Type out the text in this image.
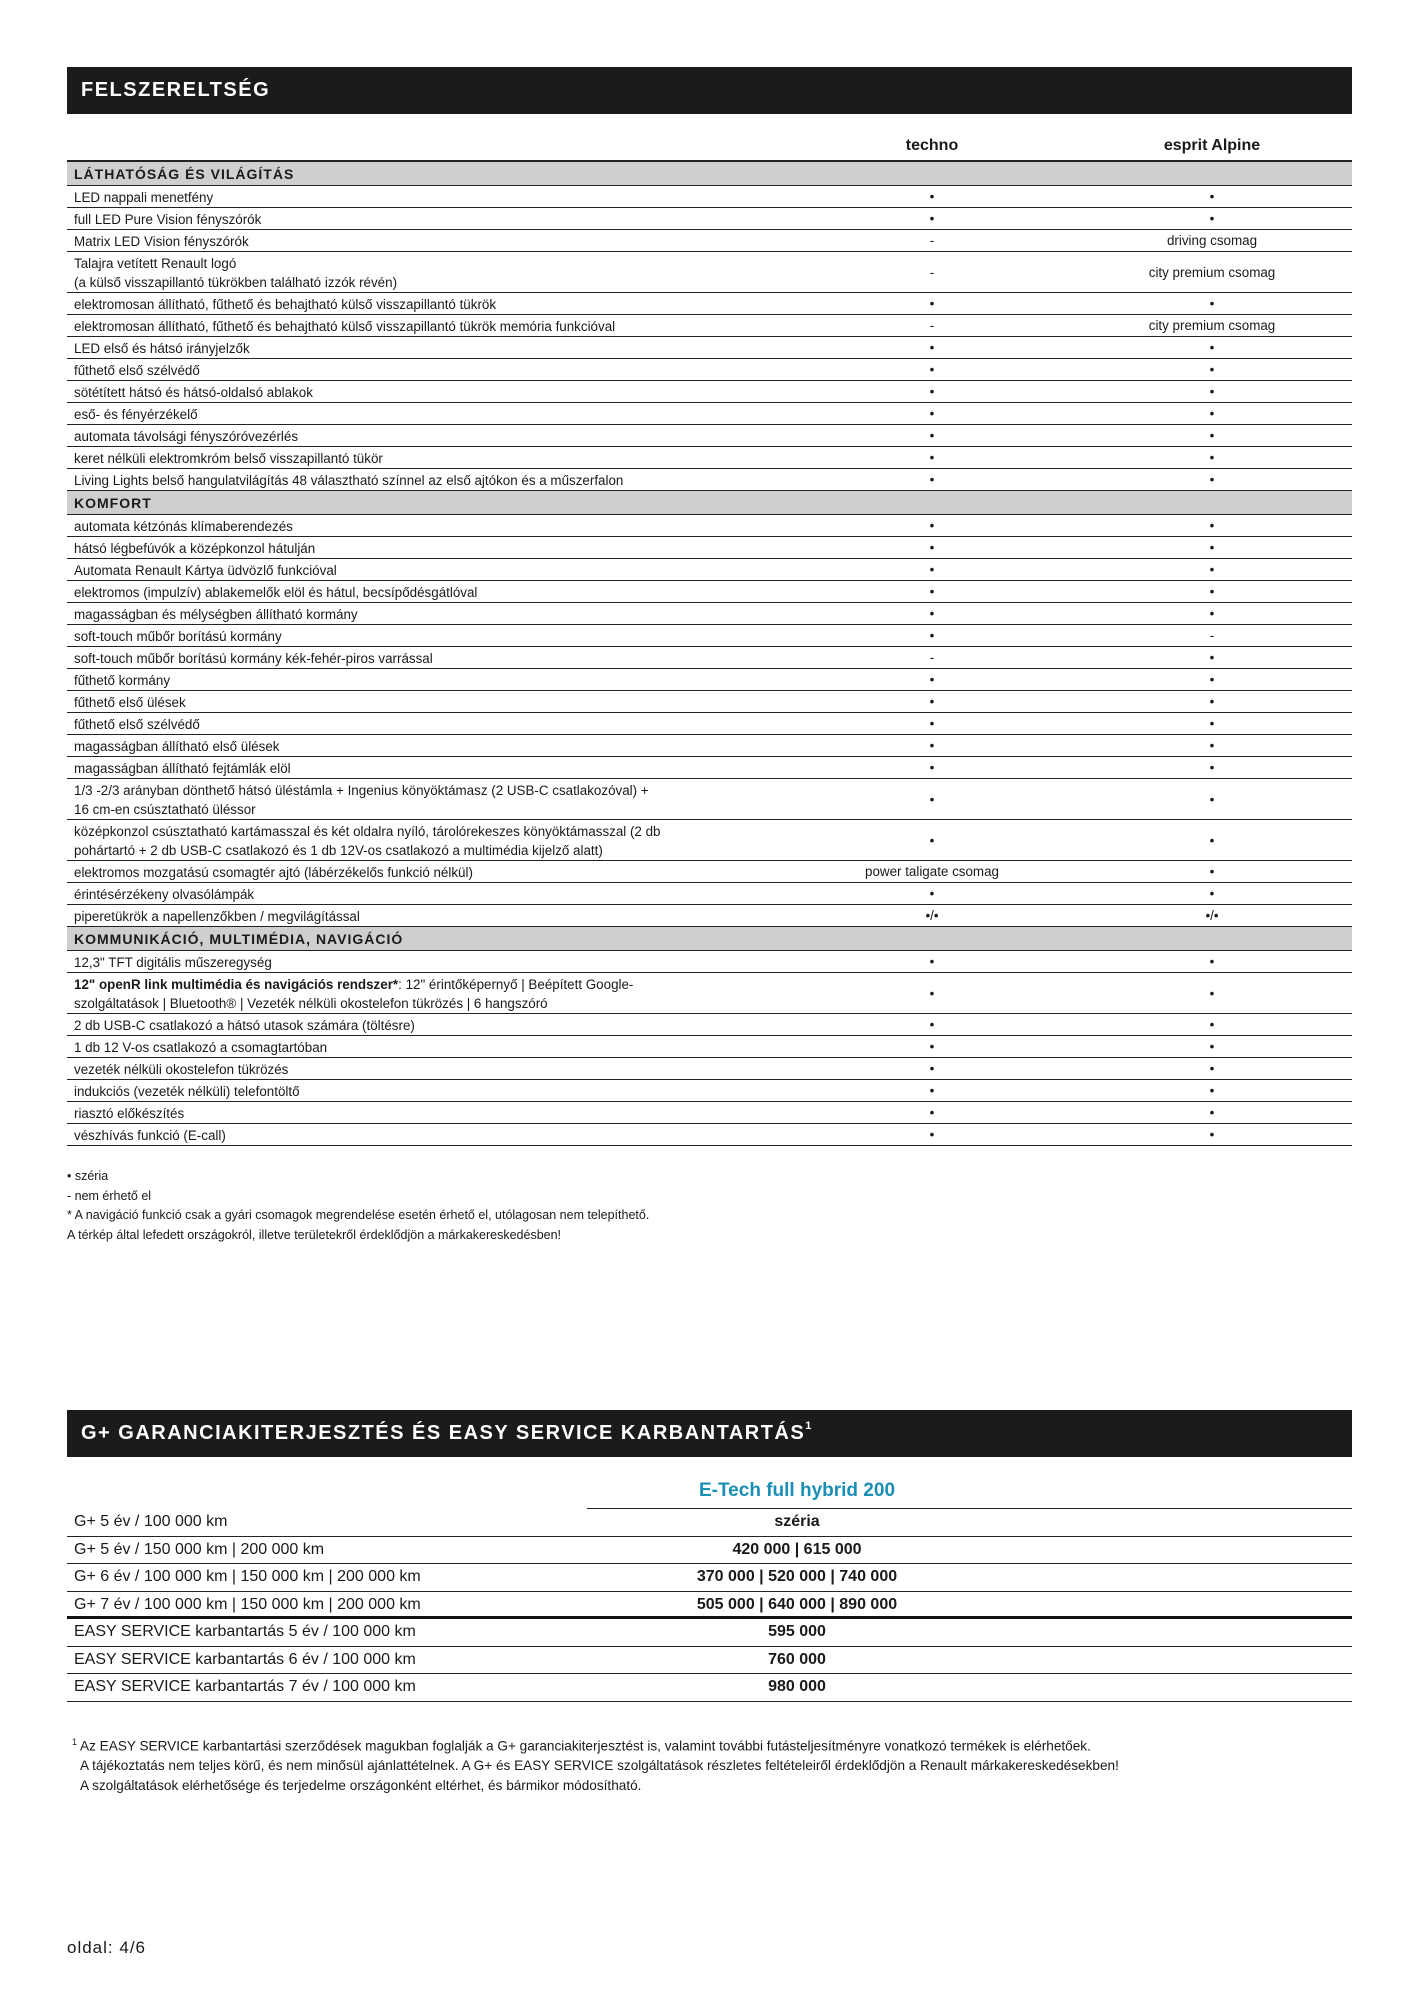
FELSZERELTSÉG
techno	esprit Alpine
LÁTHATÓSÁG ÉS VILÁGÍTÁS
LED nappali menetfény	•	•
full LED Pure Vision fényszórók	•	•
Matrix LED Vision fényszórók	-	driving csomag
Talajra vetített Renault logó
(a külső visszapillantó tükrökben található izzók révén)
-	city premium csomag
elektromosan állítható, fűthető és behajtható külső visszapillantó tükrök	•	•
elektromosan állítható, fűthető és behajtható külső visszapillantó tükrök memória funkcióval	-	city premium csomag
LED első és hátsó irányjelzők	•	•
fűthető első szélvédő	•	•
sötétített hátsó és hátsó-oldalsó ablakok	•	•
eső- és fényérzékelő	•	•
automata távolsági fényszóróvezérlés	•	•
keret nélküli elektromkróm belső visszapillantó tükör	•	•
Living Lights belső hangulatvilágítás 48 választható színnel az első ajtókon és a műszerfalon	•	•
KOMFORT
automata kétzónás klímaberendezés	•	•
hátsó légbefúvók a középkonzol hátulján	•	•
Automata Renault Kártya üdvözlő funkcióval	•	•
elektromos (impulzív) ablakemelők elöl és hátul, becsípődésgátlóval	•	•
magasságban és mélységben állítható kormány	•	•
soft-touch műbőr borítású kormány	•	-
soft-touch műbőr borítású kormány kék-fehér-piros varrással	-	•
fűthető kormány	•	•
fűthető első ülések	•	•
fűthető első szélvédő	•	•
magasságban állítható első ülések	•	•
magasságban állítható fejtámlák elöl	•	•
1/3 -2/3 arányban dönthető hátsó üléstámla + Ingenius könyöktámasz (2 USB-C csatlakozóval) +
16 cm-en csúsztatható üléssor
•	•
középkonzol csúsztatható kartámasszal és két oldalra nyíló, tárolórekeszes könyöktámasszal (2 db
pohártartó + 2 db USB-C csatlakozó és 1 db 12V-os csatlakozó a multimédia kijelző alatt)
•	•
elektromos mozgatású csomagtér ajtó (lábérzékelős funkció nélkül)	power taligate csomag	•
érintésérzékeny olvasólámpák	•	•
piperetükrök a napellenzőkben / megvilágítással	•/•	•/•
KOMMUNIKÁCIÓ, MULTIMÉDIA, NAVIGÁCIÓ
12,3" TFT digitális műszeregység	•	•
12" openR link multimédia és navigációs rendszer*: 12" érintőképernyő | Beépített Google-
szolgáltatások | Bluetooth® | Vezeték nélküli okostelefon tükrözés | 6 hangszóró
•	•
2 db USB-C csatlakozó a hátsó utasok számára (töltésre)	•	•
1 db 12 V-os csatlakozó a csomagtartóban	•	•
vezeték nélküli okostelefon tükrözés	•	•
indukciós (vezeték nélküli) telefontöltő	•	•
riasztó előkészítés	•	•
vészhívás funkció (E-call)	•	•
• széria
- nem érhető el
* A navigáció funkció csak a gyári csomagok megrendelése esetén érhető el, utólagosan nem telepíthető.
A térkép által lefedett országokról, illetve területekről érdeklődjön a márkakereskedésben!
G+ GARANCIAKITERJESZTÉS ÉS EASY SERVICE KARBANTARTÁS$^1$
E-Tech full hybrid 200
G+ 5 év / 100 000 km	széria
G+ 5 év / 150 000 km | 200 000 km	420 000 | 615 000
G+ 6 év / 100 000 km | 150 000 km | 200 000 km	370 000 | 520 000 | 740 000
G+ 7 év / 100 000 km | 150 000 km | 200 000 km	505 000 | 640 000 | 890 000
EASY SERVICE karbantartás 5 év / 100 000 km	595 000
EASY SERVICE karbantartás 6 év / 100 000 km	760 000
EASY SERVICE karbantartás 7 év / 100 000 km	980 000
$^1$ Az EASY SERVICE karbantartási szerződések magukban foglalják a G+ garanciakiterjesztést is, valamint további futásteljesítményre vonatkozó termékek is elérhetőek.
A tájékoztatás nem teljes körű, és nem minősül ajánlattételnek. A G+ és EASY SERVICE szolgáltatások részletes feltételeiről érdeklődjön a Renault márkakereskedésekben!
A szolgáltatások elérhetősége és terjedelme országonként eltérhet, és bármikor módosítható.
oldal: 4/6
